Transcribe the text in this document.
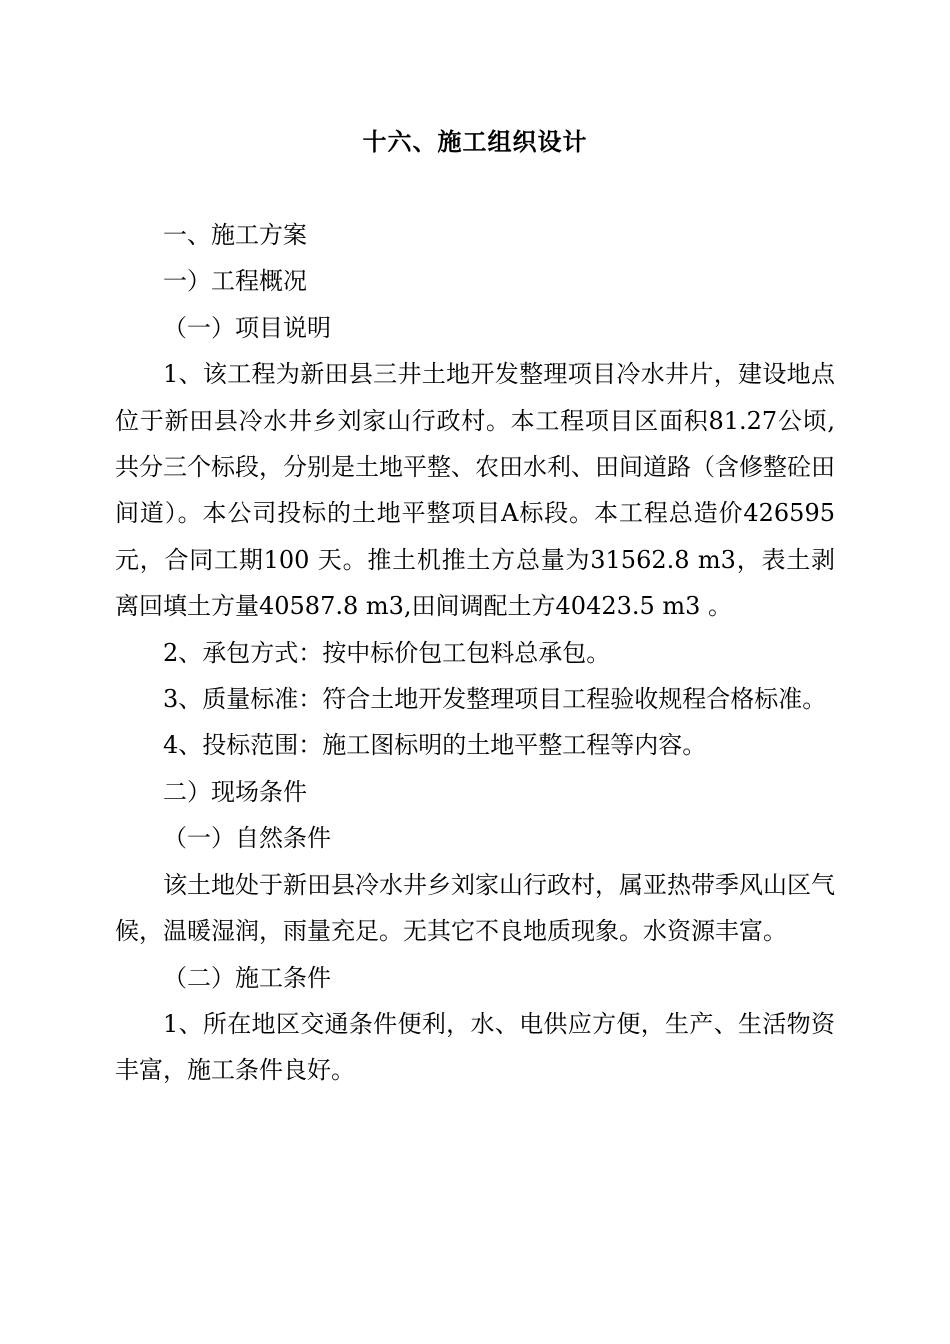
十六、施工组织设计

一、施工方案

一）工程概况

（一）项目说明

1、该工程为新田县三井土地开发整理项目冷水井片，建设地点位于新田县冷水井乡刘家山行政村。本工程项目区面积81.27公顷,共分三个标段，分别是土地平整、农田水利、田间道路（含修整砼田间道）。本公司投标的土地平整项目A标段。本工程总造价426595元，合同工期100 天。推土机推土方总量为31562.8 m3，表土剥离回填土方量40587.8 m3,田间调配土方40423.5 m3 。

2、承包方式：按中标价包工包料总承包。

3、质量标准：符合土地开发整理项目工程验收规程合格标准。

4、投标范围：施工图标明的土地平整工程等内容。

二）现场条件

（一）自然条件

该土地处于新田县冷水井乡刘家山行政村，属亚热带季风山区气候，温暖湿润，雨量充足。无其它不良地质现象。水资源丰富。

（二）施工条件

1、所在地区交通条件便利，水、电供应方便，生产、生活物资丰富，施工条件良好。
